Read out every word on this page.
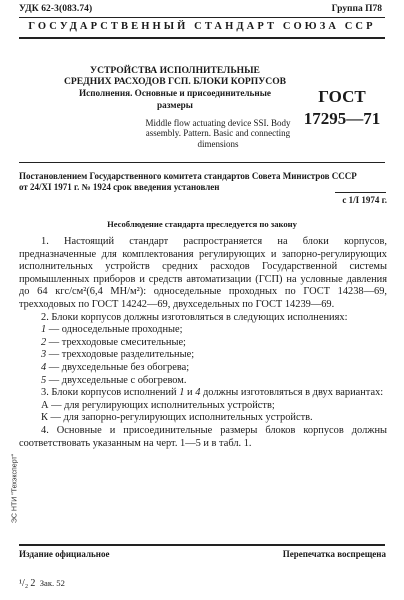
УДК 62-3(083.74)	Группа П78
ГОСУДАРСТВЕННЫЙ СТАНДАРТ СОЮЗА ССР
УСТРОЙСТВА ИСПОЛНИТЕЛЬНЫЕ
СРЕДНИХ РАСХОДОВ ГСП. БЛОКИ КОРПУСОВ
Исполнения. Основные и присоединительные
размеры
Middle flow actuating device SSI. Body
assembly. Pattern. Basic and connecting
dimensions
ГОСТ
17295—71
Постановлением Государственного комитета стандартов Совета Министров СССР
от 24/XI 1971 г. № 1924 срок введения установлен
с 1/I 1974 г.
Несоблюдение стандарта преследуется по закону
1. Настоящий стандарт распространяется на блоки корпусов, предназначенные для комплектования регулирующих и запорно-регулирующих исполнительных устройств средних расходов Государственной системы промышленных приборов и средств автоматизации (ГСП) на условные давления до 64 кгс/см²(6,4 МН/м²): односедельные проходных по ГОСТ 14238—69, трехходовых по ГОСТ 14242—69, двухседельных по ГОСТ 14239—69.
2. Блоки корпусов должны изготовляться в следующих исполнениях:
1 — односедельные проходные;
2 — трехходовые смесительные;
3 — трехходовые разделительные;
4 — двухседельные без обогрева;
5 — двухседельные с обогревом.
3. Блоки корпусов исполнений 1 и 4 должны изготовляться в двух вариантах:
А — для регулирующих исполнительных устройств;
К — для запорно-регулирующих исполнительных устройств.
4. Основные и присоединительные размеры блоков корпусов должны соответствовать указанным на черт. 1—5 и в табл. 1.
ЭС НТИ "Техэксперт"
Издание официальное	Перепечатка воспрещена
¹/₂ 2 Зак. 52
